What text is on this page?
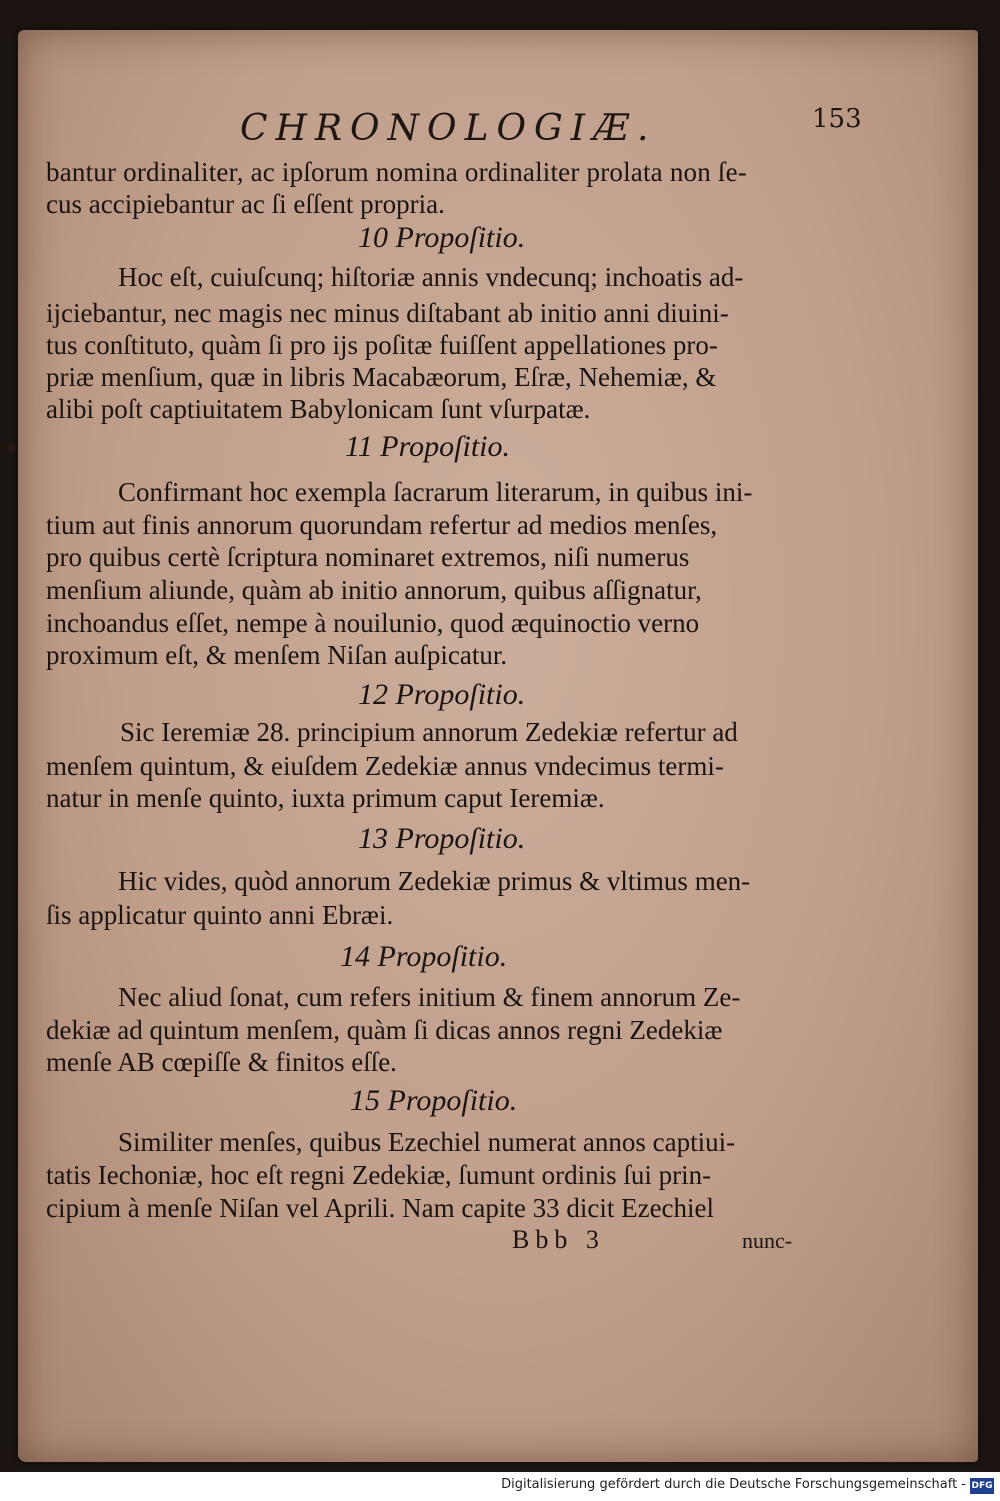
CHRONOLOGIÆ.	153
bantur ordinaliter, ac ipſorum nomina ordinaliter prolata non ſe-
cus accipiebantur ac ſi eſſent propria.
10 Propoſitio.
Hoc eſt, cuiuſcunq; hiſtoriæ annis vndecunq; inchoatis ad-
ijciebantur, nec magis nec minus diſtabant ab initio anni diuini-
tus conſtituto, quàm ſi pro ijs poſitæ fuiſſent appellationes pro-
priæ menſium, quæ in libris Macabæorum, Eſræ, Nehemiæ, &
alibi poſt captiuitatem Babylonicam ſunt vſurpatæ.
11 Propoſitio.
Confirmant hoc exempla ſacrarum literarum, in quibus ini-
tium aut finis annorum quorundam refertur ad medios menſes,
pro quibus certè ſcriptura nominaret extremos, niſi numerus
menſium aliunde, quàm ab initio annorum, quibus aſſignatur,
inchoandus eſſet, nempe à nouilunio, quod æquinoctio verno
proximum eſt, & menſem Niſan auſpicatur.
12 Propoſitio.
Sic Ieremiæ 28. principium annorum Zedekiæ refertur ad
menſem quintum, & eiuſdem Zedekiæ annus vndecimus termi-
natur in menſe quinto, iuxta primum caput Ieremiæ.
13 Propoſitio.
Hic vides, quòd annorum Zedekiæ primus & vltimus men-
ſis applicatur quinto anni Ebræi.
14 Propoſitio.
Nec aliud ſonat, cum refers initium & finem annorum Ze-
dekiæ ad quintum menſem, quàm ſi dicas annos regni Zedekiæ
menſe AB cœpiſſe & finitos eſſe.
15 Propoſitio.
Similiter menſes, quibus Ezechiel numerat annos captiui-
tatis Iechoniæ, hoc eſt regni Zedekiæ, ſumunt ordinis ſui prin-
cipium à menſe Niſan vel Aprili. Nam capite 33 dicit Ezechiel
Bbb 3	nunc-
Digitalisierung gefördert durch die Deutsche Forschungsgemeinschaft - DFG
